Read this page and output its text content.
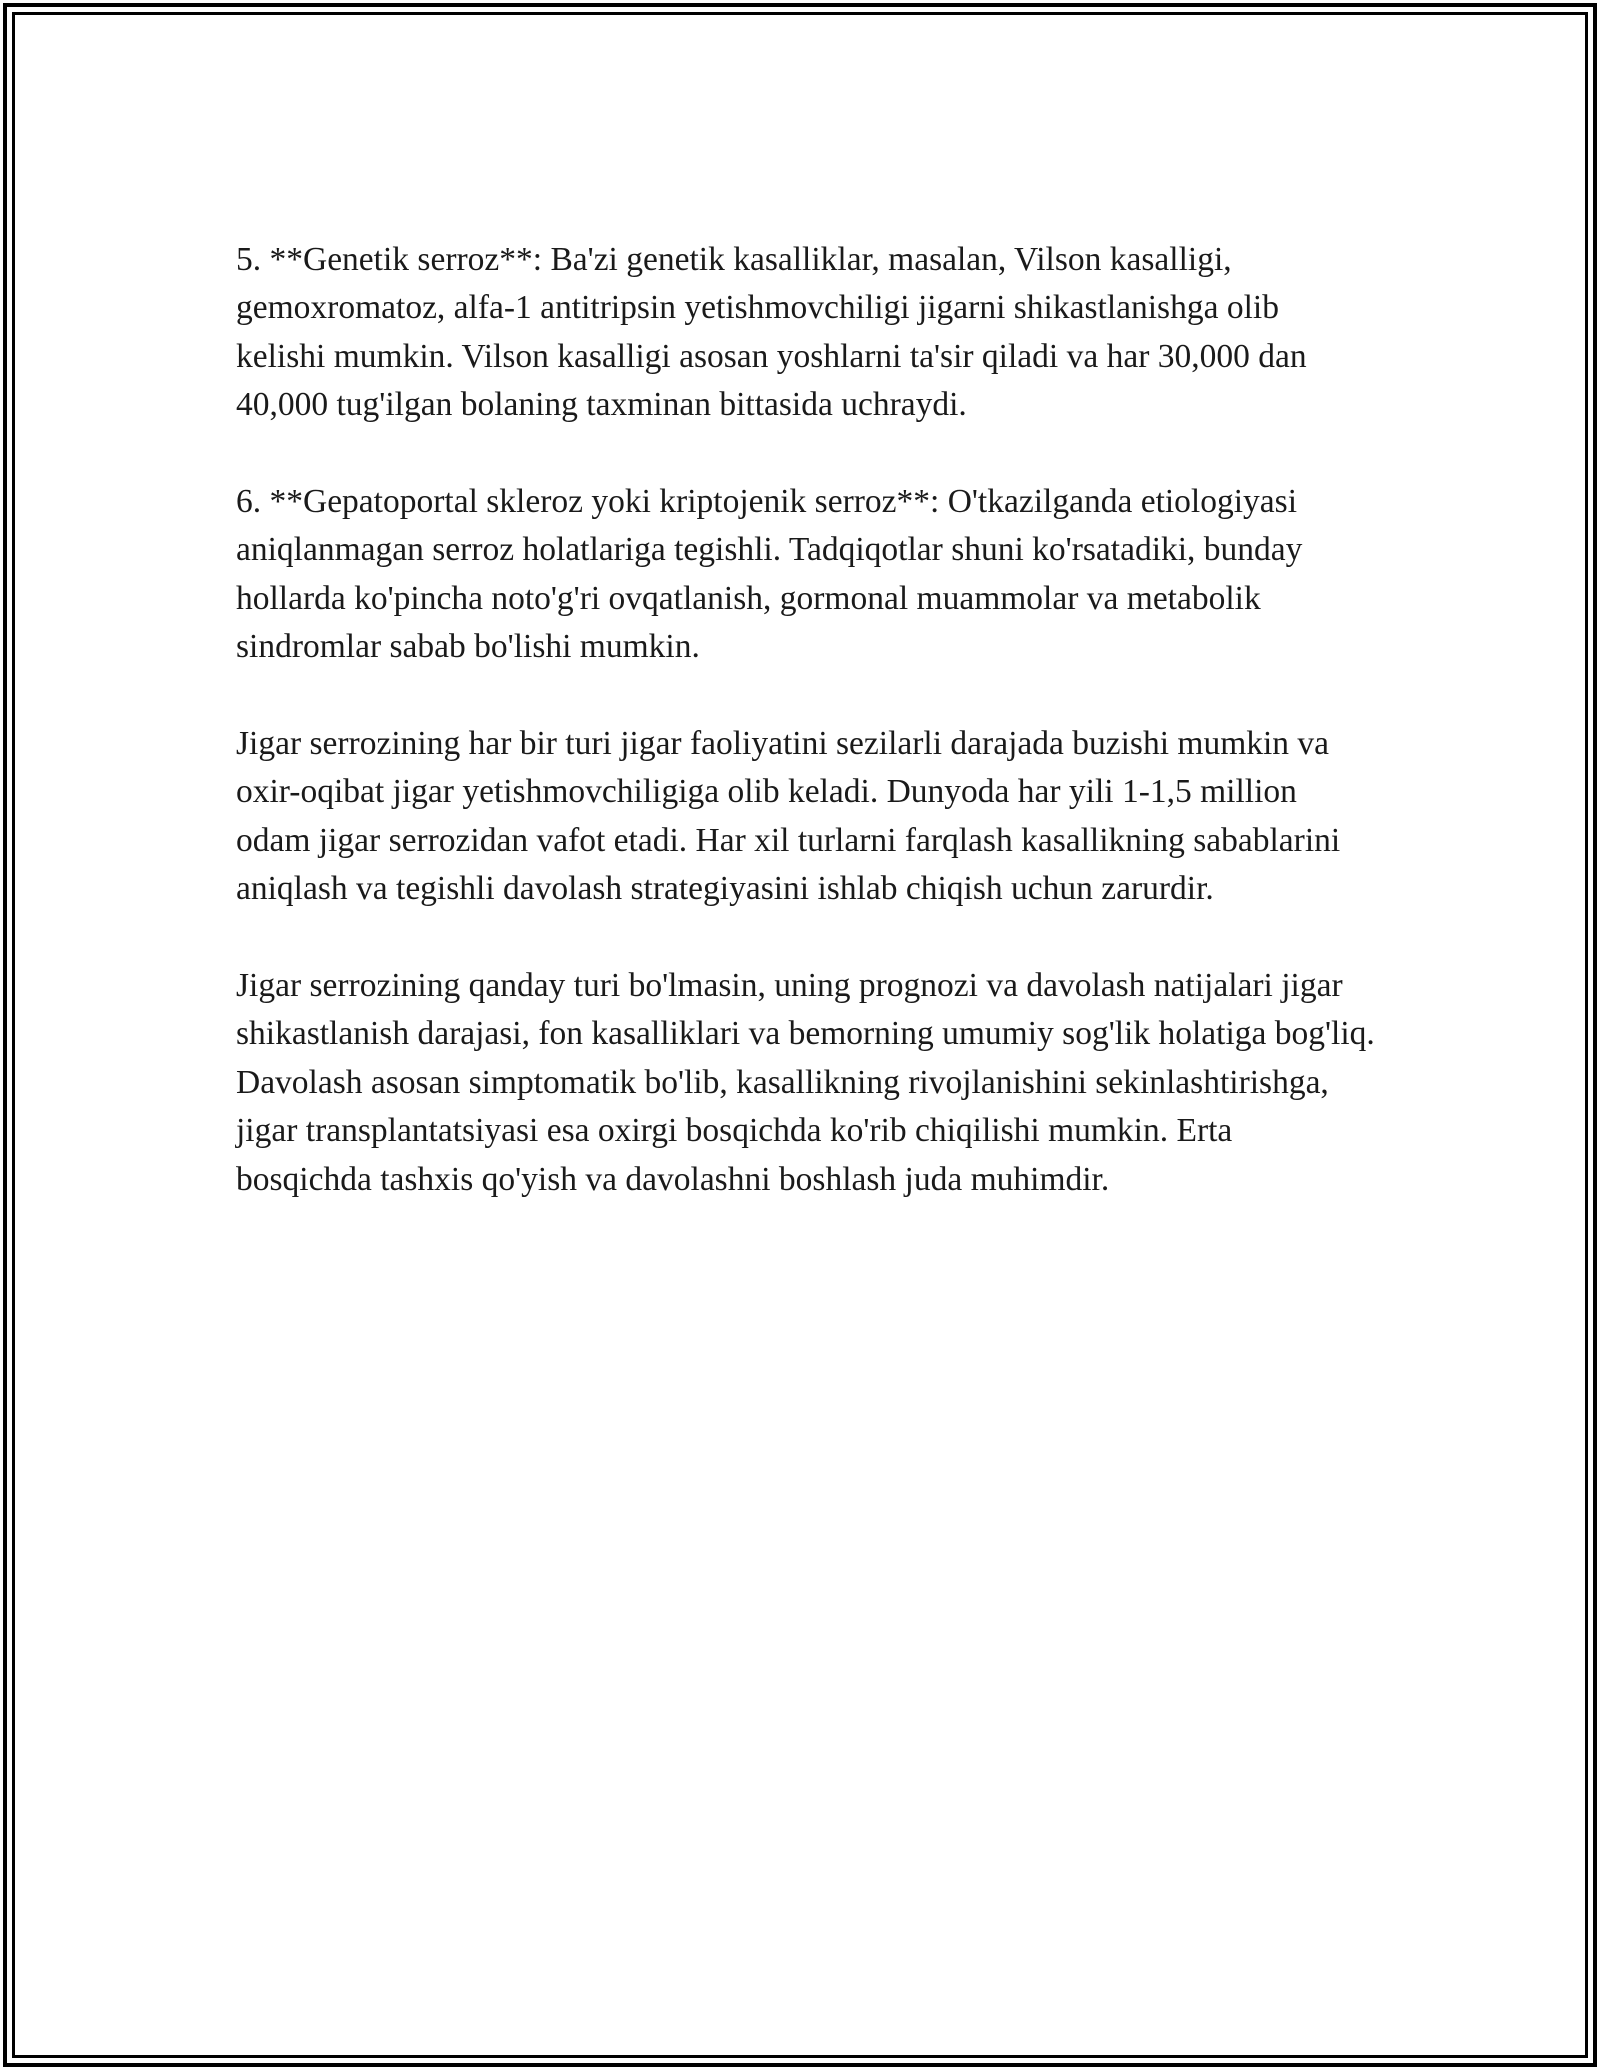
5. **Genetik serroz**: Ba'zi genetik kasalliklar, masalan, Vilson kasalligi, gemoxromatoz, alfa-1 antitripsin yetishmovchiligi jigarni shikastlanishga olib kelishi mumkin. Vilson kasalligi asosan yoshlarni ta'sir qiladi va har 30,000 dan 40,000 tug'ilgan bolaning taxminan bittasida uchraydi.

6. **Gepatoportal skleroz yoki kriptojenik serroz**: O'tkazilganda etiologiyasi aniqlanmagan serroz holatlariga tegishli. Tadqiqotlar shuni ko'rsatadiki, bunday hollarda ko'pincha noto'g'ri ovqatlanish, gormonal muammolar va metabolik sindromlar sabab bo'lishi mumkin.

Jigar serrozining har bir turi jigar faoliyatini sezilarli darajada buzishi mumkin va oxir-oqibat jigar yetishmovchiligiga olib keladi. Dunyoda har yili 1-1,5 million odam jigar serrozidan vafot etadi. Har xil turlarni farqlash kasallikning sabablarini aniqlash va tegishli davolash strategiyasini ishlab chiqish uchun zarurdir.

Jigar serrozining qanday turi bo'lmasin, uning prognozi va davolash natijalari jigar shikastlanish darajasi, fon kasalliklari va bemorning umumiy sog'lik holatiga bog'liq. Davolash asosan simptomatik bo'lib, kasallikning rivojlanishini sekinlashtirishga, jigar transplantatsiyasi esa oxirgi bosqichda ko'rib chiqilishi mumkin. Erta bosqichda tashxis qo'yish va davolashni boshlash juda muhimdir.
